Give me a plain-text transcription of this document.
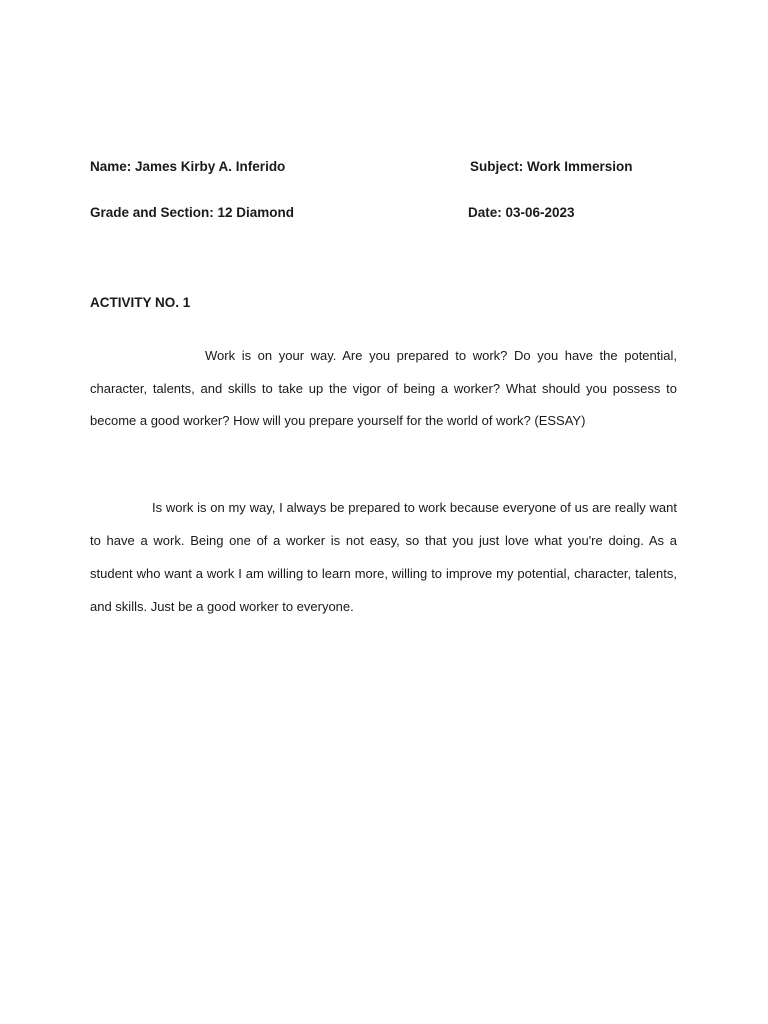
Name: James Kirby A. Inferido	Subject: Work Immersion
Grade and Section: 12 Diamond	Date: 03-06-2023
ACTIVITY NO. 1

Work is on your way. Are you prepared to work? Do you have the potential, character, talents, and skills to take up the vigor of being a worker? What should you possess to become a good worker? How will you prepare yourself for the world of work? (ESSAY)

Is work is on my way, I always be prepared to work because everyone of us are really want to have a work. Being one of a worker is not easy, so that you just love what you're doing. As a student who want a work I am willing to learn more, willing to improve my potential, character, talents, and skills. Just be a good worker to everyone.
